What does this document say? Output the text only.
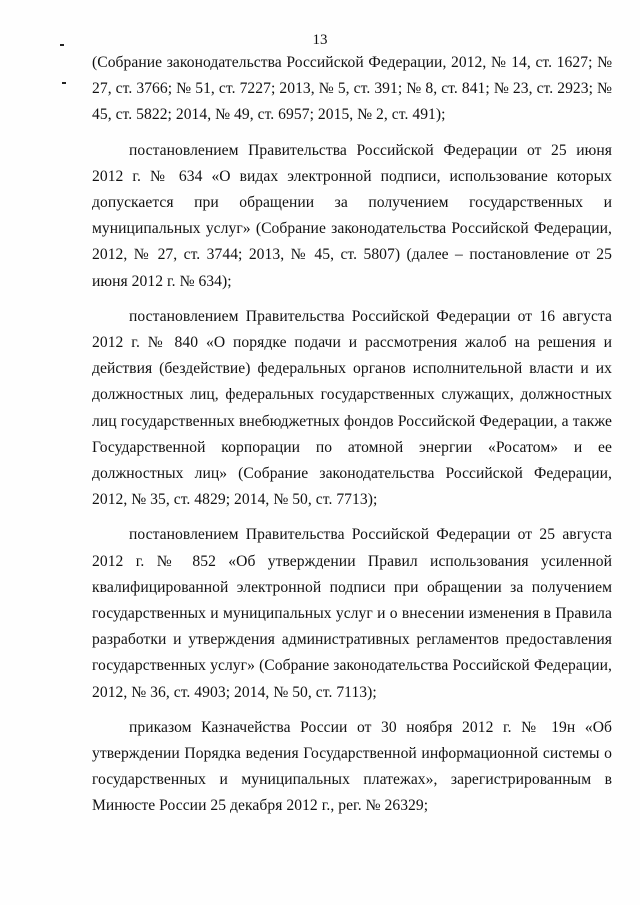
13

(Собрание законодательства Российской Федерации, 2012, № 14, ст. 1627; № 27, ст. 3766; № 51, ст. 7227; 2013, № 5, ст. 391; № 8, ст. 841; № 23, ст. 2923; № 45, ст. 5822; 2014, № 49, ст. 6957; 2015, № 2, ст. 491);

постановлением Правительства Российской Федерации от 25 июня 2012 г. № 634 «О видах электронной подписи, использование которых допускается при обращении за получением государственных и муниципальных услуг» (Собрание законодательства Российской Федерации, 2012, № 27, ст. 3744; 2013, № 45, ст. 5807) (далее – постановление от 25 июня 2012 г. № 634);

постановлением Правительства Российской Федерации от 16 августа 2012 г. № 840 «О порядке подачи и рассмотрения жалоб на решения и действия (бездействие) федеральных органов исполнительной власти и их должностных лиц, федеральных государственных служащих, должностных лиц государственных внебюджетных фондов Российской Федерации, а также Государственной корпорации по атомной энергии «Росатом» и ее должностных лиц» (Собрание законодательства Российской Федерации, 2012, № 35, ст. 4829; 2014, № 50, ст. 7713);

постановлением Правительства Российской Федерации от 25 августа 2012 г. № 852 «Об утверждении Правил использования усиленной квалифицированной электронной подписи при обращении за получением государственных и муниципальных услуг и о внесении изменения в Правила разработки и утверждения административных регламентов предоставления государственных услуг» (Собрание законодательства Российской Федерации, 2012, № 36, ст. 4903; 2014, № 50, ст. 7113);

приказом Казначейства России от 30 ноября 2012 г. № 19н «Об утверждении Порядка ведения Государственной информационной системы о государственных и муниципальных платежах», зарегистрированным в Минюсте России 25 декабря 2012 г., рег. № 26329;
